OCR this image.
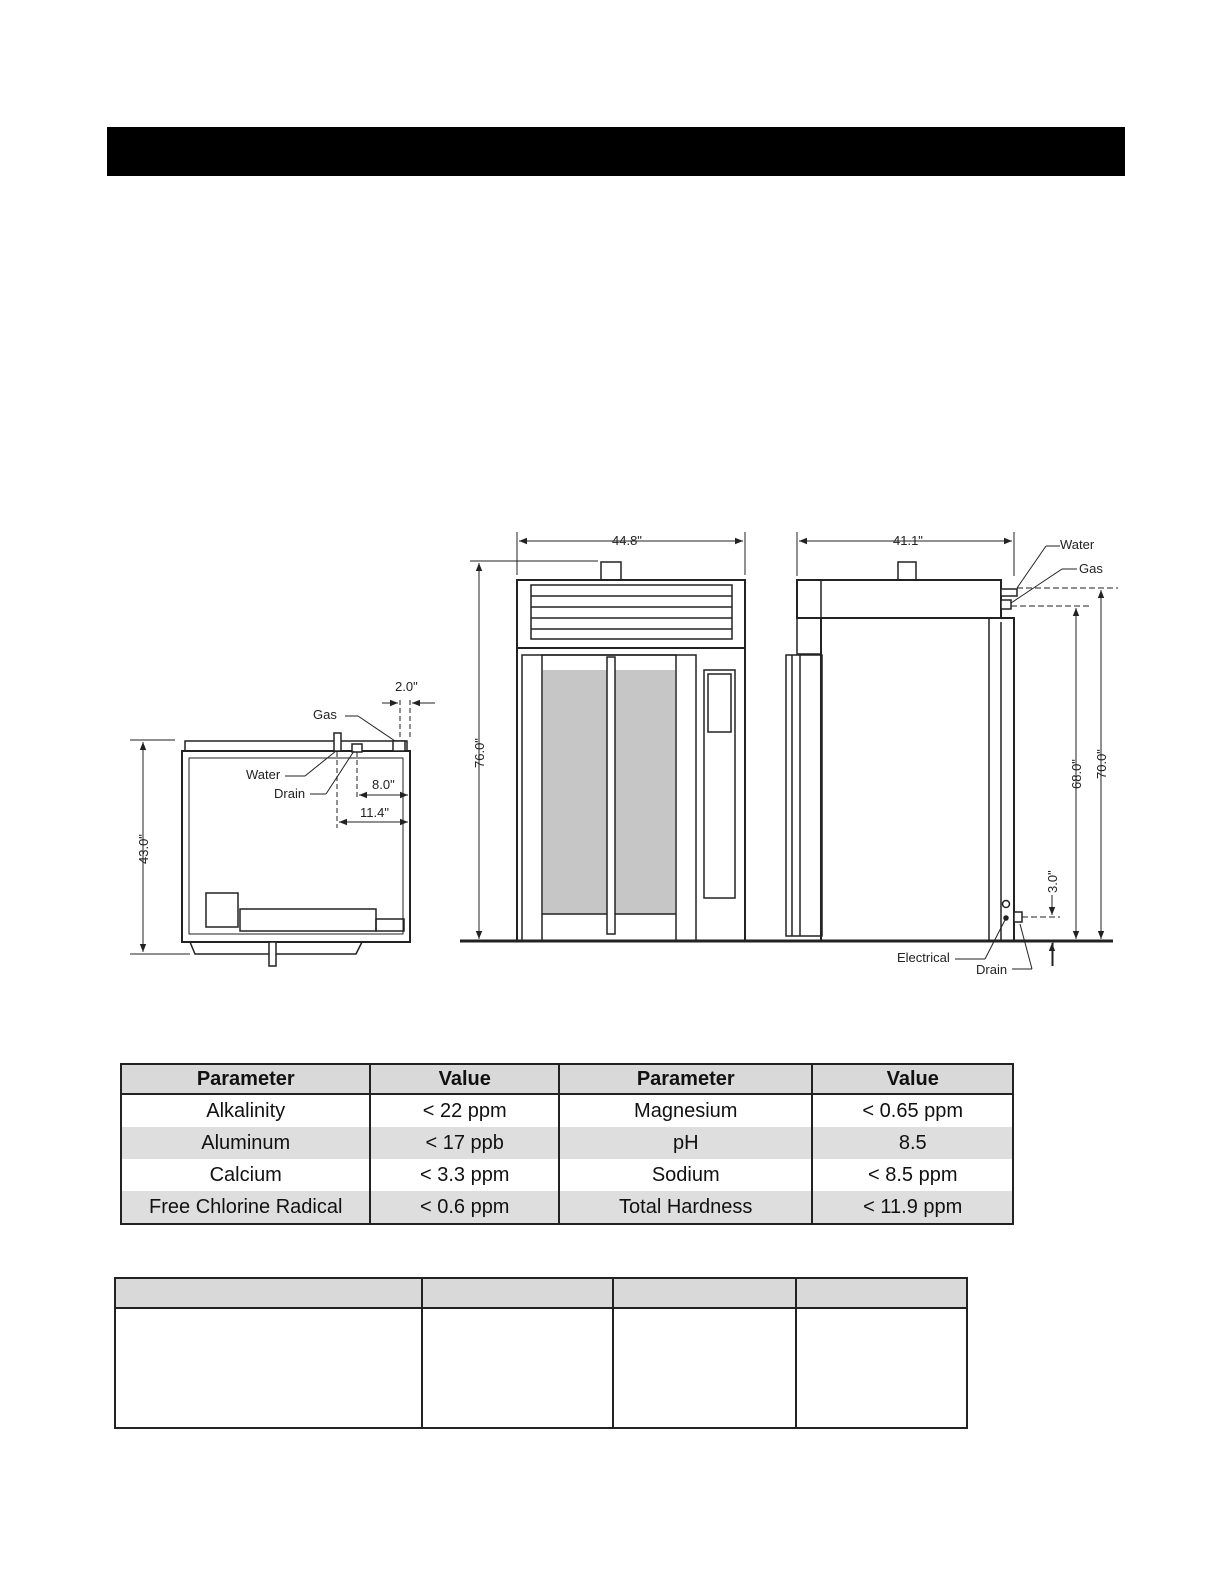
Gas
Water
Drain
2.0"
8.0"
11.4"
43.0"
44.8"
76.0"
41.1"	Water
Gas
70.0"
68.0"
3.0"
Electrical
Drain
Parameter	Value	Parameter	Value
Alkalinity	< 22 ppm	Magnesium	< 0.65 ppm
Aluminum	< 17 ppb	pH	8.5
Calcium	< 3.3 ppm	Sodium	< 8.5 ppm
Free Chlorine Radical	< 0.6 ppm	Total Hardness	< 11.9 ppm
